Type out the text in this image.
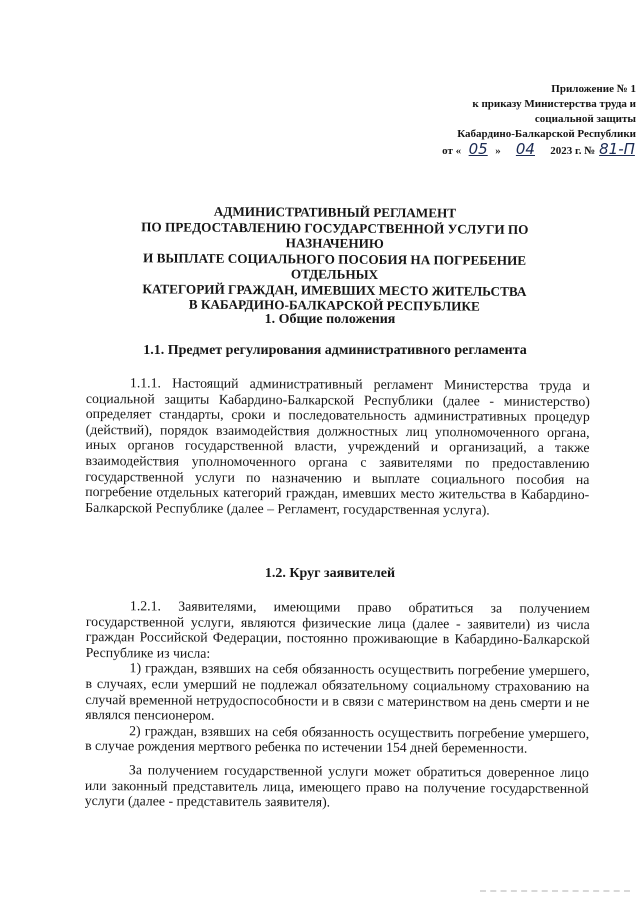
Приложение № 1
к приказу Министерства труда и
социальной защиты
Кабардино-Балкарской Республики
от « 05 » 04 2023 г. № 81-П
АДМИНИСТРАТИВНЫЙ РЕГЛАМЕНТ
ПО ПРЕДОСТАВЛЕНИЮ ГОСУДАРСТВЕННОЙ УСЛУГИ ПО НАЗНАЧЕНИЮ
И ВЫПЛАТЕ СОЦИАЛЬНОГО ПОСОБИЯ НА ПОГРЕБЕНИЕ ОТДЕЛЬНЫХ
КАТЕГОРИЙ ГРАЖДАН, ИМЕВШИХ МЕСТО ЖИТЕЛЬСТВА
В КАБАРДИНО-БАЛКАРСКОЙ РЕСПУБЛИКЕ
1. Общие положения
1.1. Предмет регулирования административного регламента

1.1.1. Настоящий административный регламент Министерства труда и социальной защиты Кабардино-Балкарской Республики (далее - министерство) определяет стандарты, сроки и последовательность административных процедур (действий), порядок взаимодействия должностных лиц уполномоченного органа, иных органов государственной власти, учреждений и организаций, а также взаимодействия уполномоченного органа с заявителями по предоставлению государственной услуги по назначению и выплате социального пособия на погребение отдельных категорий граждан, имевших место жительства в Кабардино-Балкарской Республике (далее – Регламент, государственная услуга).

1.2. Круг заявителей

1.2.1. Заявителями, имеющими право обратиться за получением государственной услуги, являются физические лица (далее - заявители) из числа граждан Российской Федерации, постоянно проживающие в Кабардино-Балкарской Республике из числа:

1) граждан, взявших на себя обязанность осуществить погребение умершего, в случаях, если умерший не подлежал обязательному социальному страхованию на случай временной нетрудоспособности и в связи с материнством на день смерти и не являлся пенсионером.

2) граждан, взявших на себя обязанность осуществить погребение умершего, в случае рождения мертвого ребенка по истечении 154 дней беременности.

За получением государственной услуги может обратиться доверенное лицо или законный представитель лица, имеющего право на получение государственной услуги (далее - представитель заявителя).
